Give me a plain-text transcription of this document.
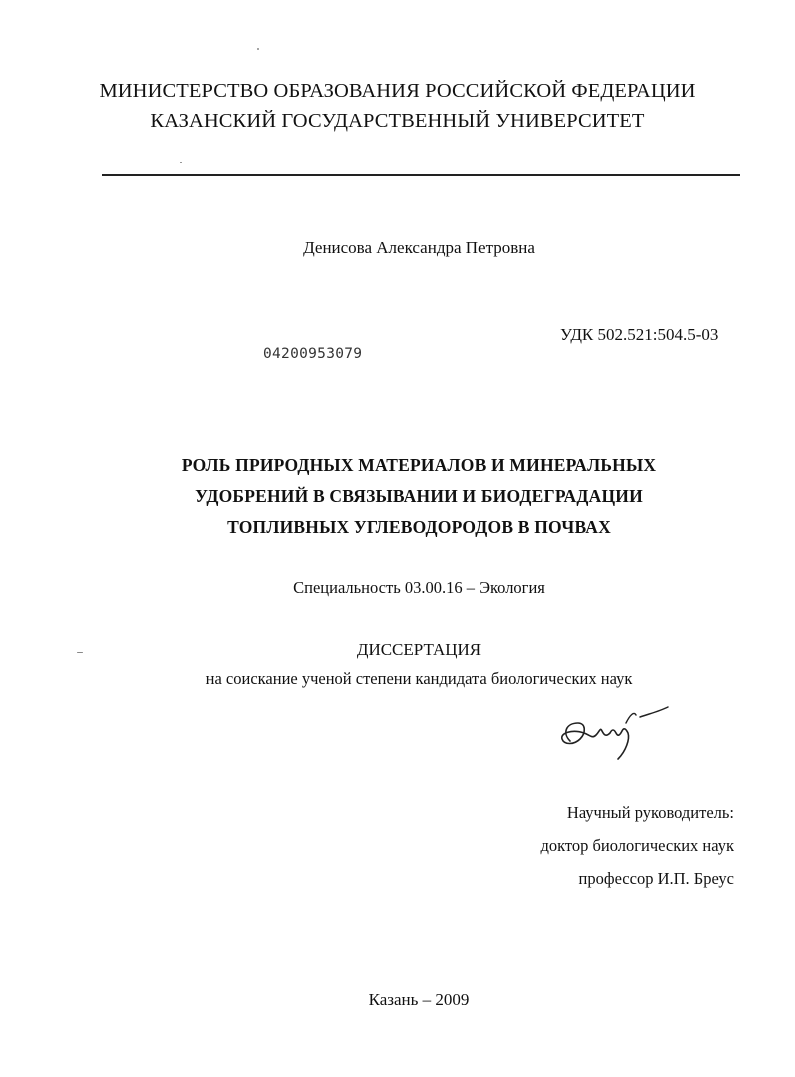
МИНИСТЕРСТВО ОБРАЗОВАНИЯ РОССИЙСКОЙ ФЕДЕРАЦИИ
КАЗАНСКИЙ ГОСУДАРСТВЕННЫЙ УНИВЕРСИТЕТ
Денисова Александра Петровна
УДК 502.521:504.5-03
04200953079
РОЛЬ ПРИРОДНЫХ МАТЕРИАЛОВ И МИНЕРАЛЬНЫХ
УДОБРЕНИЙ В СВЯЗЫВАНИИ И БИОДЕГРАДАЦИИ
ТОПЛИВНЫХ УГЛЕВОДОРОДОВ В ПОЧВАХ
Специальность 03.00.16 – Экология
ДИССЕРТАЦИЯ
на соискание ученой степени кандидата биологических наук
Научный руководитель:
доктор биологических наук
профессор И.П. Бреус
Казань – 2009
